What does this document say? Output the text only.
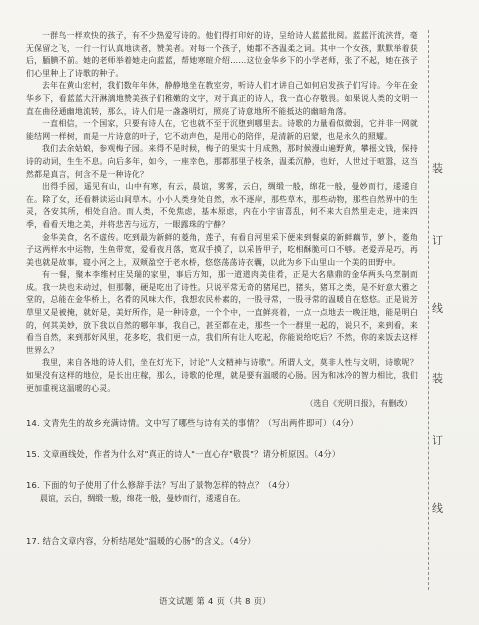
一群鸟一样欢快的孩子，有不少热爱写诗的。他们得打印好的诗，呈给诗人蓝蓝批阅。蓝蓝汗流浃背，毫无保留之飞，一行一行认真地读者，赞美者。对每一个孩子，她都不吝温柔之词。其中一个女孩，默默举着获后，腼腆不前。她的老师举着她走向蓝蓝，帮她寒暄介绍……这位金华乡下的小学老师，张了不起，她在孩子们心里种上了诗歌的种子。

去年在黄山宏村，我们数年年休，静静地坐在教室旁，听诗人们才讲自己如何启发孩子们写诗。今年在金华乡下，看蓝蓝大汗淋漓地赞美孩子们稚嫩的文字，对于真正的诗人，我一直心存敬畏。如果说人类的文明一直在曲径通幽地流转，那么，诗人们是一盏盏明灯，照亮了诗意地所不能抵达的幽暗角落。

一直相信，一个国家，只要有诗人在，它也就不至于沉堕到哪里去。诗歌的力量看似微弱，它并非一网就能结网一样树，而是一片诗意的叶子，它不动声色，是用心的陪伴，是清新的启蒙，也是永久的照耀。

我们去余姑娘，参观梅子园。来得不是时候，梅子的果实十月成熟，那时候漫山遍野黄，攀摇文钱，保持诗的动词，生生不息。向后多年，如今，一座幸色，那都那里子枝条，温柔沉静，也好，人世过于喧嚣，这当然都是真言，何含不是一种诗化？

出得手园，遥见有山，山中有寒，有云，晨谊，雾雾，云白，绸缎一般，绵花一般，曼妙而行，逶逶自在。除了女，还看耕读运山间草木。小小人类身处自然，水不逐岸，那些草木，那些动物，那些自然界中的生灵，各安其所，相处自洽。而人类，不免焦虑，基本原虑，内在小宇宙喜乱，何不来大自然里走走，进来四季，看看天地之美，并将悲苦与远方，一眼露珠的宁静？

金华美食，名不虚传。吃到最为新鲜的菱角，莲子，有看自河里采下便来到餐桌的新鲜藕节，萝卜，菱角子这两样水中运物，生鱼带宽，爱看夜月落，宽双手摸了，以采皆甲子，吃相酥脆可口不够。老爱弄是巧，再美也就是故事，寝小河之上，双颊盈空于老水桥，悠悠荡荡诗衣囊，以此为乡下山里山一个美的田野中。

有一餐，聚本李维村庄吴瑞的家里，事后方知，那一道道肉美佳肴，正是大名鼎鼎的金华两头乌烹制而成。我一块也未动过，但那馨，硬是吃出了诗性。只说平常无奇的猪尾巴，猪头，猪耳之类，是不好意大雅之堂的，总能在金华桥上，名肴的风味大作，我想农民朴素的，一股寻常，一股寻常的温暖自在悠悠。正是说芳草里又是被掩，就好是，美好所作，是一种诗意，一个个中，一直鲜亮着，一点一点地去一晚汪地，能是明白的，何其美妙，放下我以自然的哪年事，我自己，甚至都在走，那些一个一群里一起的，说只不，来到看，来看当自然，来到那好风里，花多吃，我们更一点，我们所有让人吃起，你能说给吃后？不然，你的来饭去这样世界么？

我里，来自各地的诗人们，坐在灯光下，讨论"人文精神与诗歌"。所谓人文，莫非人性与文明，诗歌呢？如果没有这样的地位，是长出庄稼，那么，诗歌的伦理，就是要有温暖的心肠。因为和冰冷的智力相比，我们更加重视这温暖的心灵。

（选自《光明日报》，有删改）

14. 文青先生的故乡充满诗情。文中写了哪些与诗有关的事情？（写出两件即可）（4分）

15. 文章画线处，作者为什么对"真正的诗人"一直心存"敬畏"？请分析原因。（4分）

16. 下面的句子使用了什么修辞手法？写出了景物怎样的特点？（4分）

晨谊，云白，绸缎一般，绵花一般，曼妙而行，逶逶自在。

17. 结合文章内容，分析结尾处"温暖的心肠"的含义。（4分）

装
订
线
装
订
线
语文试题 第 4 页（共 8 页）
